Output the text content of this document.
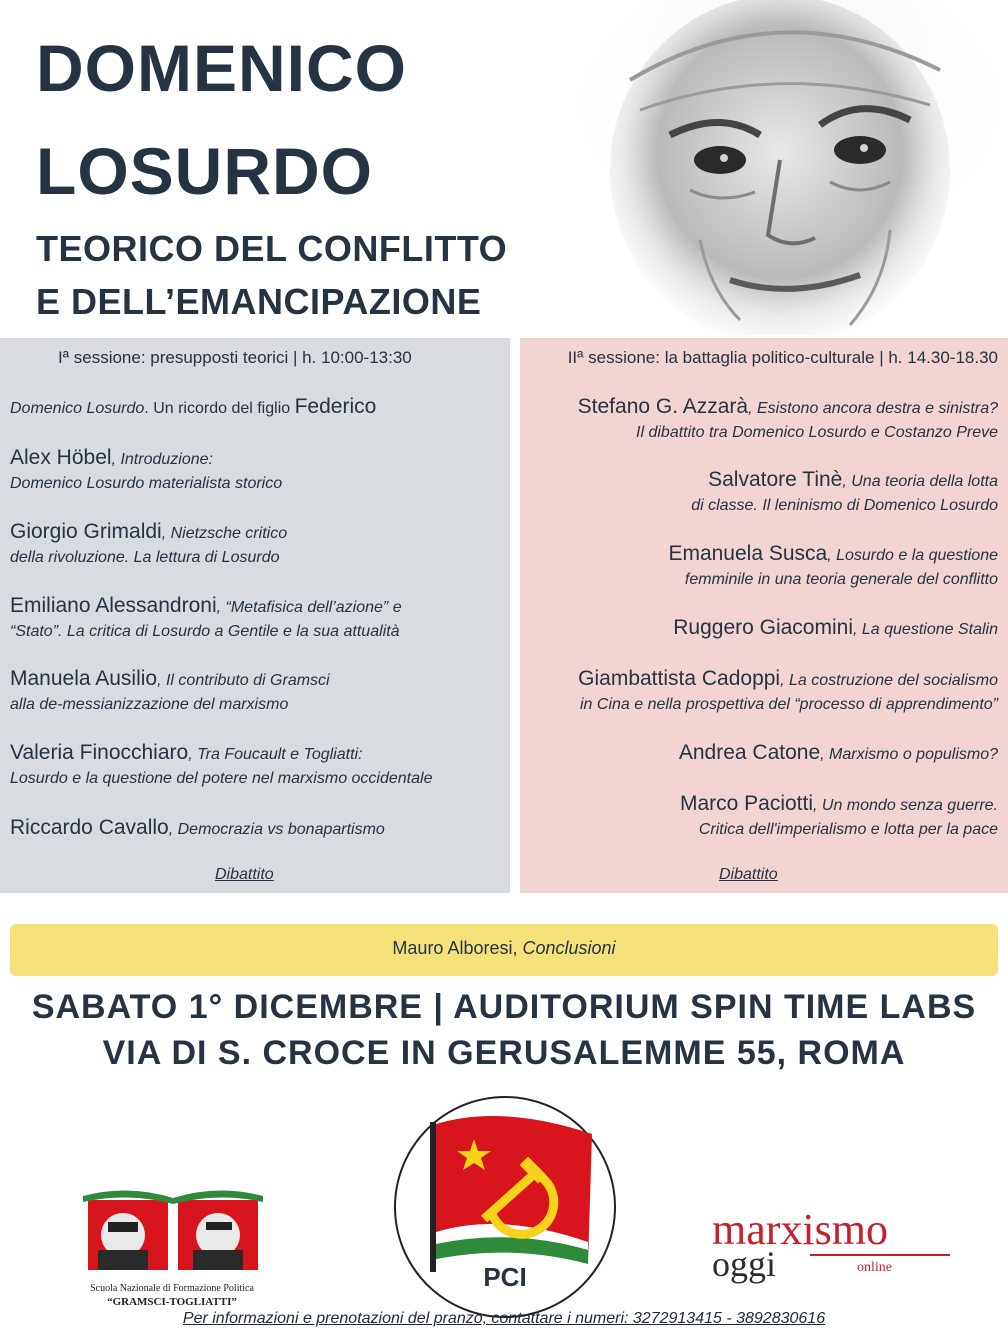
DOMENICO
LOSURDO
TEORICO DEL CONFLITTO
E DELL’EMANCIPAZIONE
Iª sessione: presupposti teorici | h. 10:00-13:30	IIª sessione: la battaglia politico-culturale | h. 14.30-18.30
Domenico Losurdo. Un ricordo del figlio Federico
Alex Höbel, Introduzione:
Domenico Losurdo materialista storico
Giorgio Grimaldi, Nietzsche critico
della rivoluzione. La lettura di Losurdo
Emiliano Alessandroni, “Metafisica dell’azione” e
“Stato”. La critica di Losurdo a Gentile e la sua attualità
Manuela Ausilio, Il contributo di Gramsci
alla de-messianizzazione del marxismo
Valeria Finocchiaro, Tra Foucault e Togliatti:
Losurdo e la questione del potere nel marxismo occidentale
Riccardo Cavallo, Democrazia vs bonapartismo
Dibattito
Stefano G. Azzarà, Esistono ancora destra e sinistra?
Il dibattito tra Domenico Losurdo e Costanzo Preve
Salvatore Tinè, Una teoria della lotta
di classe. Il leninismo di Domenico Losurdo
Emanuela Susca, Losurdo e la questione
femminile in una teoria generale del conflitto
Ruggero Giacomini, La questione Stalin
Giambattista Cadoppi, La costruzione del socialismo
in Cina e nella prospettiva del “processo di apprendimento”
Andrea Catone, Marxismo o populismo?
Marco Paciotti, Un mondo senza guerre.
Critica dell'imperialismo e lotta per la pace
Dibattito
Mauro Alboresi, Conclusioni
SABATO 1° DICEMBRE | AUDITORIUM SPIN TIME LABS
VIA DI S. CROCE IN GERUSALEMME 55, ROMA
Scuola Nazionale di Formazione Politica
“GRAMSCI-TOGLIATTI”
PCI
marxismo
oggi	online
Per informazioni e prenotazioni del pranzo, contattare i numeri: 3272913415 - 3892830616
